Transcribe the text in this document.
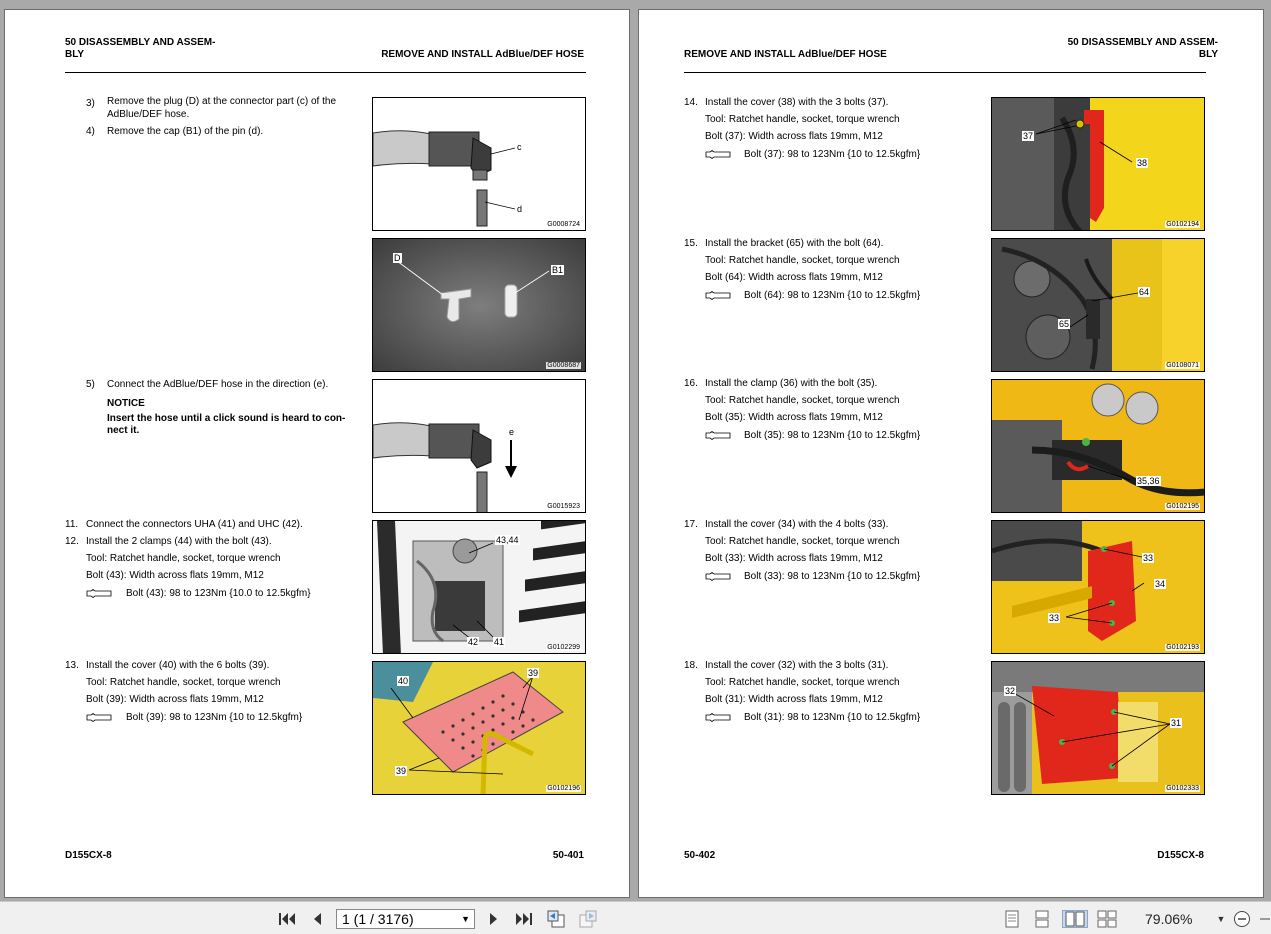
50 DISASSEMBLY AND ASSEM-
BLY	REMOVE AND INSTALL AdBlue/DEF HOSE
3) Remove the plug (D) at the connector part (c) of the
AdBlue/DEF hose.
4) Remove the cap (B1) of the pin (d).
c
d
G0008724
D
B1
G0008687
5) Connect the AdBlue/DEF hose in the direction (e).
NOTICE
Insert the hose until a click sound is heard to con-
nect it.	e
G0015923
11. Connect the connectors UHA (41) and UHC (42).
12. Install the 2 clamps (44) with the bolt (43).
Tool: Ratchet handle, socket, torque wrench
Bolt (43): Width across flats 19mm, M12
Bolt (43): 98 to 123Nm {10.0 to 12.5kgfm}
43,44
42 41
G0102299
13. Install the cover (40) with the 6 bolts (39).
Tool: Ratchet handle, socket, torque wrench
Bolt (39): Width across flats 19mm, M12
Bolt (39): 98 to 123Nm {10 to 12.5kgfm}
40
39
39
G0102196
D155CX-8	50-401
50 DISASSEMBLY AND ASSEM-
BLY
REMOVE AND INSTALL AdBlue/DEF HOSE
14. Install the cover (38) with the 3 bolts (37).
Tool: Ratchet handle, socket, torque wrench
Bolt (37): Width across flats 19mm, M12
Bolt (37): 98 to 123Nm {10 to 12.5kgfm}
15. Install the bracket (65) with the bolt (64).
Tool: Ratchet handle, socket, torque wrench
Bolt (64): Width across flats 19mm, M12
Bolt (64): 98 to 123Nm {10 to 12.5kgfm}
16. Install the clamp (36) with the bolt (35).
Tool: Ratchet handle, socket, torque wrench
Bolt (35): Width across flats 19mm, M12
Bolt (35): 98 to 123Nm {10 to 12.5kgfm}
17. Install the cover (34) with the 4 bolts (33).
Tool: Ratchet handle, socket, torque wrench
Bolt (33): Width across flats 19mm, M12
Bolt (33): 98 to 123Nm {10 to 12.5kgfm}
18. Install the cover (32) with the 3 bolts (31).
Tool: Ratchet handle, socket, torque wrench
Bolt (31): Width across flats 19mm, M12
Bolt (31): 98 to 123Nm {10 to 12.5kgfm}
37
38
G0102194
64
65
G0108071
35,36
G0102195
33
34
33
G0102193
32
31
G0102333
50-402	D155CX-8
1 (1 / 3176)	▼	79.06%	▼
